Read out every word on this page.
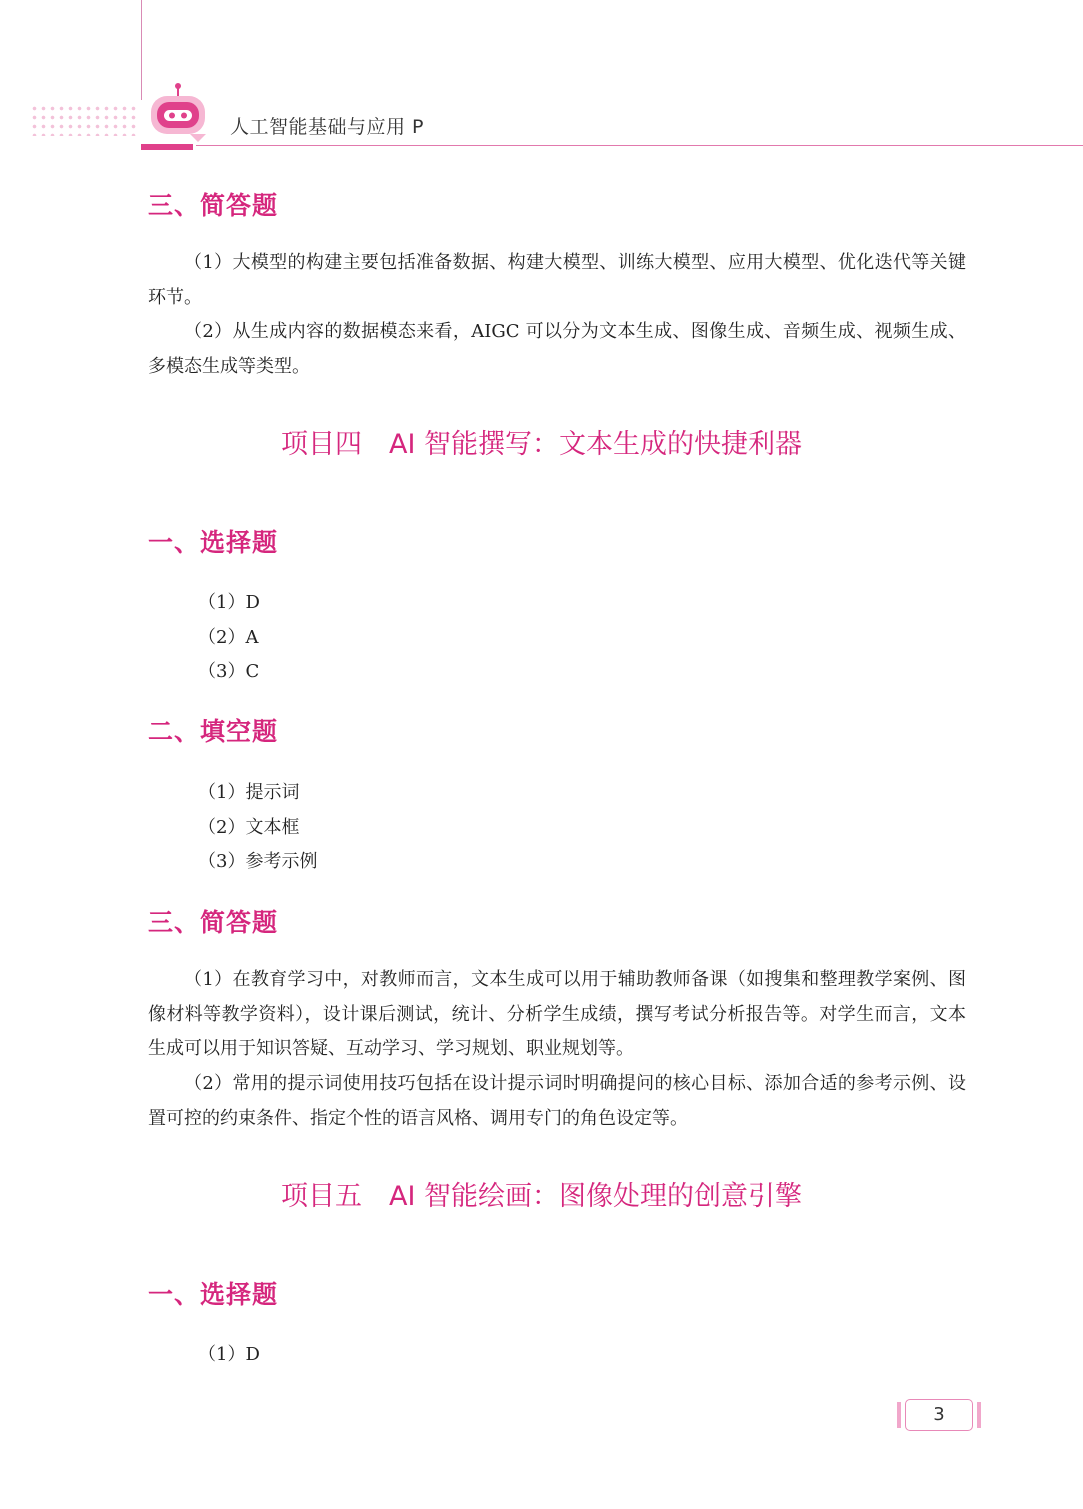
人工智能基础与应用 P
三、简答题
（1）大模型的构建主要包括准备数据、构建大模型、训练大模型、应用大模型、优化迭代等关键环节。
（2）从生成内容的数据模态来看，AIGC 可以分为文本生成、图像生成、音频生成、视频生成、多模态生成等类型。
项目四　AI 智能撰写：文本生成的快捷利器
一、选择题
（1）D
（2）A
（3）C
二、填空题
（1）提示词
（2）文本框
（3）参考示例
三、简答题
（1）在教育学习中，对教师而言，文本生成可以用于辅助教师备课（如搜集和整理教学案例、图像材料等教学资料），设计课后测试，统计、分析学生成绩，撰写考试分析报告等。对学生而言，文本生成可以用于知识答疑、互动学习、学习规划、职业规划等。
（2）常用的提示词使用技巧包括在设计提示词时明确提问的核心目标、添加合适的参考示例、设置可控的约束条件、指定个性的语言风格、调用专门的角色设定等。
项目五　AI 智能绘画：图像处理的创意引擎
一、选择题
（1）D
3
